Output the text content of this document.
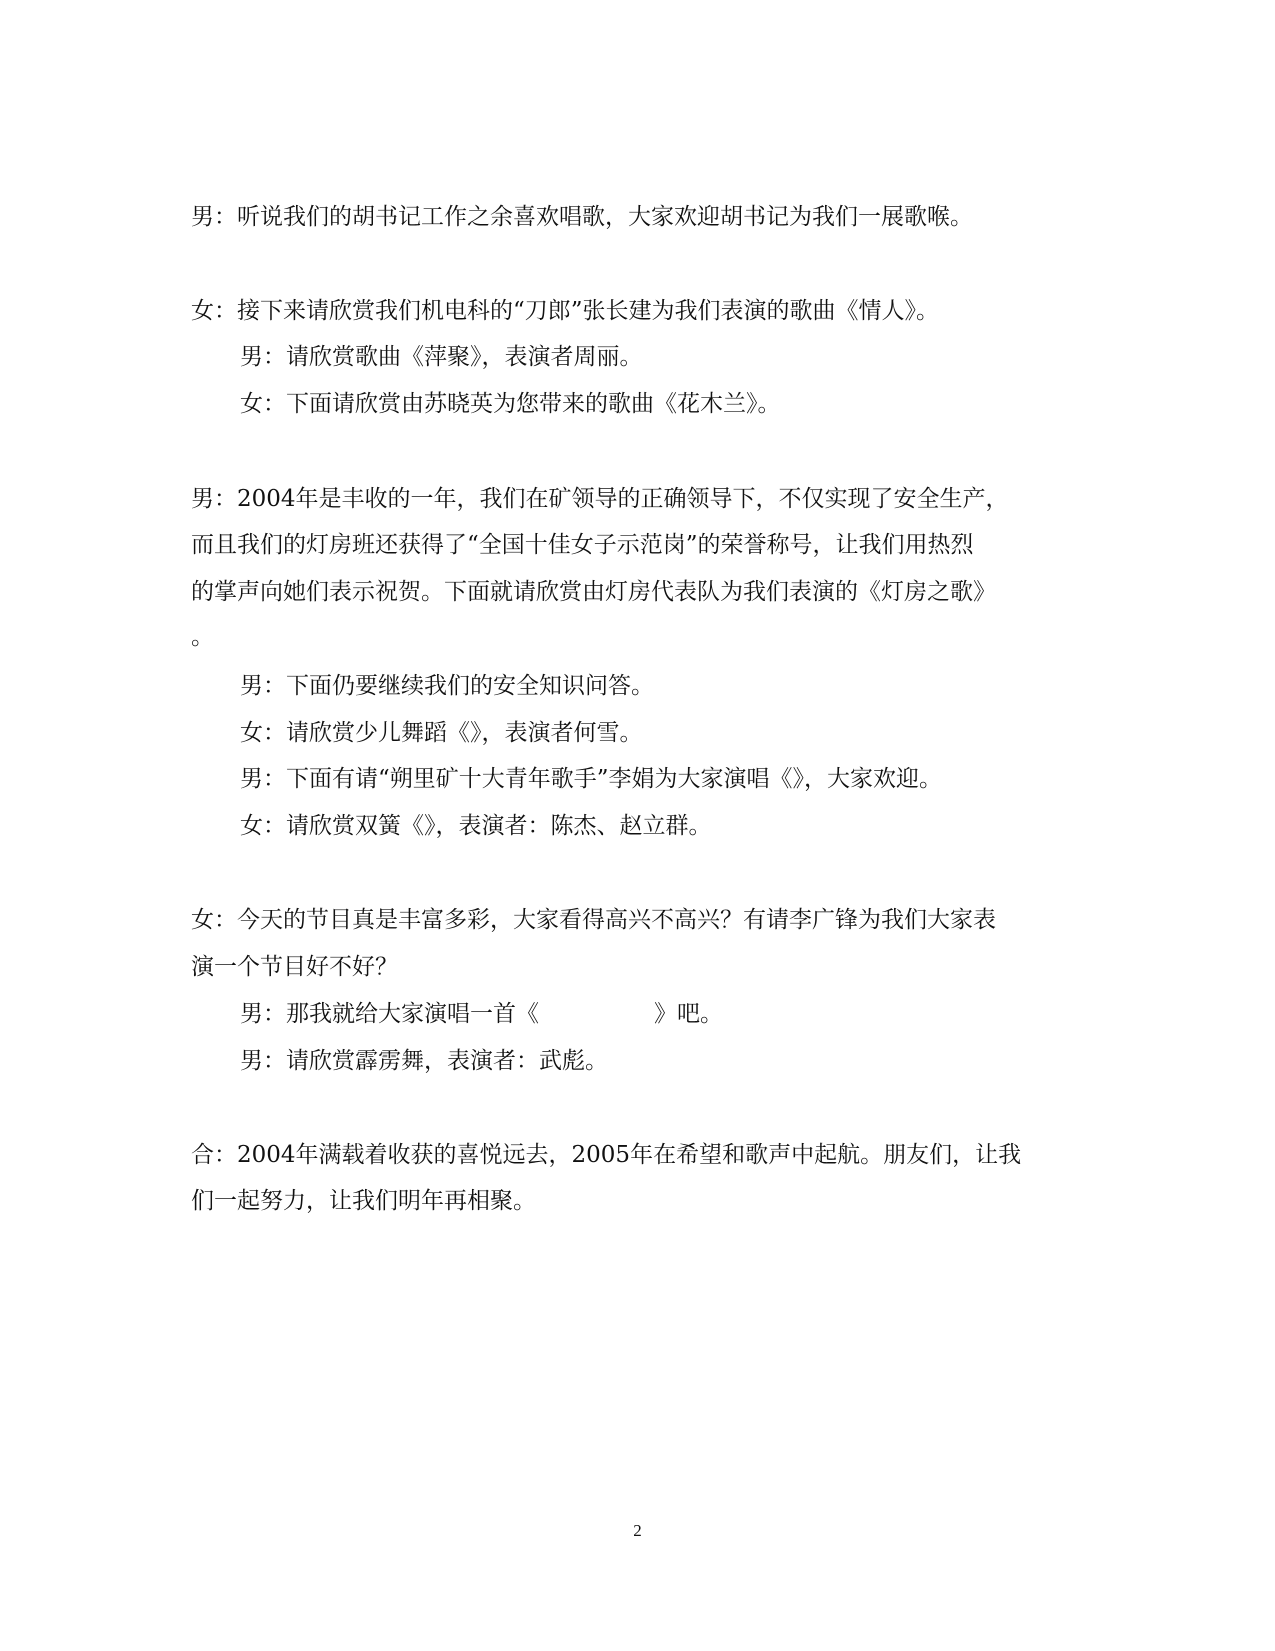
男：听说我们的胡书记工作之余喜欢唱歌，大家欢迎胡书记为我们一展歌喉。

女：接下来请欣赏我们机电科的“刀郎”张长建为我们表演的歌曲《情人》。

男：请欣赏歌曲《萍聚》，表演者周丽。

女：下面请欣赏由苏晓英为您带来的歌曲《花木兰》。

男：2004年是丰收的一年，我们在矿领导的正确领导下，不仅实现了安全生产，

而且我们的灯房班还获得了“全国十佳女子示范岗”的荣誉称号，让我们用热烈

的掌声向她们表示祝贺。下面就请欣赏由灯房代表队为我们表演的《灯房之歌》

。

男：下面仍要继续我们的安全知识问答。

女：请欣赏少儿舞蹈《》，表演者何雪。

男：下面有请“朔里矿十大青年歌手”李娟为大家演唱《》，大家欢迎。

女：请欣赏双簧《》，表演者：陈杰、赵立群。

女：今天的节目真是丰富多彩，大家看得高兴不高兴？有请李广锋为我们大家表

演一个节目好不好？

男：那我就给大家演唱一首《　　　　　》吧。

男：请欣赏霹雳舞，表演者：武彪。

合：2004年满载着收获的喜悦远去，2005年在希望和歌声中起航。朋友们，让我

们一起努力，让我们明年再相聚。

2
